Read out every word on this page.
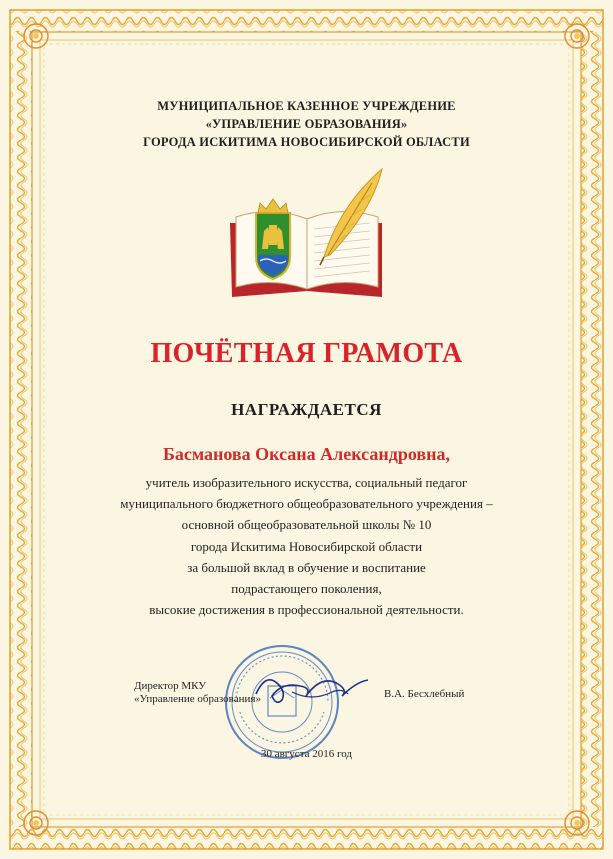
МУНИЦИПАЛЬНОЕ КАЗЕННОЕ УЧРЕЖДЕНИЕ
«УПРАВЛЕНИЕ ОБРАЗОВАНИЯ»
ГОРОДА ИСКИТИМА НОВОСИБИРСКОЙ ОБЛАСТИ
ПОЧЁТНАЯ ГРАМОТА
НАГРАЖДАЕТСЯ
Басманова Оксана Александровна,
учитель изобразительного искусства, социальный педагог
муниципального бюджетного общеобразовательного учреждения –
основной общеобразовательной школы № 10
города Искитима Новосибирской области
за большой вклад в обучение и воспитание
подрастающего поколения,
высокие достижения в профессиональной деятельности.
Директор МКУ
«Управление образования»	В.А. Бесхлебный
30 августа 2016 год
